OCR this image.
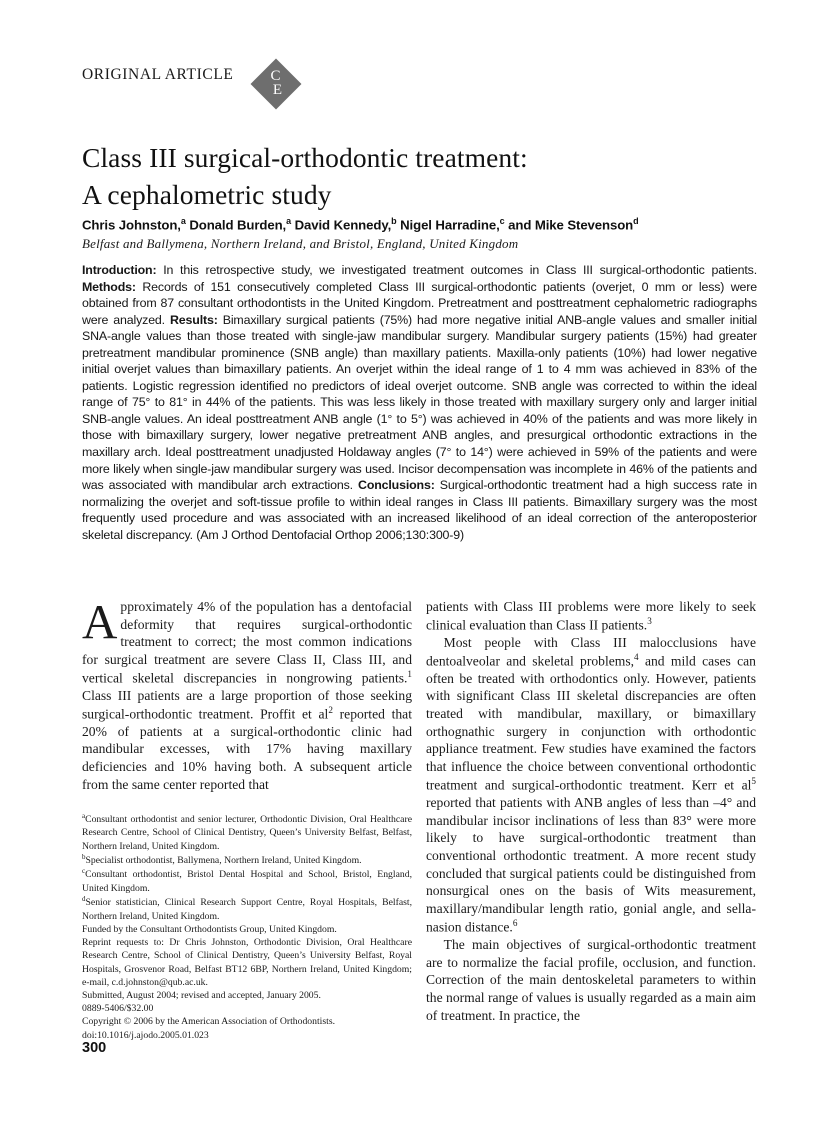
ORIGINAL ARTICLE C
E
Class III surgical-orthodontic treatment:
A cephalometric study
Chris Johnston,$^a$ Donald Burden,$^a$ David Kennedy,$^b$ Nigel Harradine,$^c$ and Mike Stevenson$^d$
Belfast and Ballymena, Northern Ireland, and Bristol, England, United Kingdom
Introduction: In this retrospective study, we investigated treatment outcomes in Class III surgical-orthodontic patients. Methods: Records of 151 consecutively completed Class III surgical-orthodontic patients (overjet, 0 mm or less) were obtained from 87 consultant orthodontists in the United Kingdom. Pretreatment and posttreatment cephalometric radiographs were analyzed. Results: Bimaxillary surgical patients (75%) had more negative initial ANB-angle values and smaller initial SNA-angle values than those treated with single-jaw mandibular surgery. Mandibular surgery patients (15%) had greater pretreatment mandibular prominence (SNB angle) than maxillary patients. Maxilla-only patients (10%) had lower negative initial overjet values than bimaxillary patients. An overjet within the ideal range of 1 to 4 mm was achieved in 83% of the patients. Logistic regression identified no predictors of ideal overjet outcome. SNB angle was corrected to within the ideal range of 75° to 81° in 44% of the patients. This was less likely in those treated with maxillary surgery only and larger initial SNB-angle values. An ideal posttreatment ANB angle (1° to 5°) was achieved in 40% of the patients and was more likely in those with bimaxillary surgery, lower negative pretreatment ANB angles, and presurgical orthodontic extractions in the maxillary arch. Ideal posttreatment unadjusted Holdaway angles (7° to 14°) were achieved in 59% of the patients and were more likely when single-jaw mandibular surgery was used. Incisor decompensation was incomplete in 46% of the patients and was associated with mandibular arch extractions. Conclusions: Surgical-orthodontic treatment had a high success rate in normalizing the overjet and soft-tissue profile to within ideal ranges in Class III patients. Bimaxillary surgery was the most frequently used procedure and was associated with an increased likelihood of an ideal correction of the anteroposterior skeletal discrepancy. (Am J Orthod Dentofacial Orthop 2006;130:300-9)

Approximately 4% of the population has a dentofacial deformity that requires surgical-orthodontic treatment to correct; the most common indications for surgical treatment are severe Class II, Class III, and vertical skeletal discrepancies in nongrowing patients.$^1$ Class III patients are a large proportion of those seeking surgical-orthodontic treatment. Proffit et $al^2$ reported that 20% of patients at a surgical-orthodontic clinic had mandibular excesses, with 17% having maxillary deficiencies and 10% having both. A subsequent article from the same center reported that

patients with Class III problems were more likely to seek clinical evaluation than Class II patients.$^3$

Most people with Class III malocclusions have dentoalveolar and skeletal problems,$^4$ and mild cases can often be treated with orthodontics only. However, patients with significant Class III skeletal discrepancies are often treated with mandibular, maxillary, or bimaxillary orthognathic surgery in conjunction with orthodontic appliance treatment. Few studies have examined the factors that influence the choice between conventional orthodontic treatment and surgical-orthodontic treatment. Kerr et $al^5$ reported that patients with ANB angles of less than –4° and mandibular incisor inclinations of less than 83° were more likely to have surgical-orthodontic treatment than conventional orthodontic treatment. A more recent study concluded that surgical patients could be distinguished from nonsurgical ones on the basis of Wits measurement, maxillary/mandibular length ratio, gonial angle, and sella-nasion distance.$^6$

The main objectives of surgical-orthodontic treatment are to normalize the facial profile, occlusion, and function. Correction of the main dentoskeletal parameters to within the normal range of values is usually regarded as a main aim of treatment. In practice, the

$^a$Consultant orthodontist and senior lecturer, Orthodontic Division, Oral Healthcare Research Centre, School of Clinical Dentistry, Queen’s University Belfast, Belfast, Northern Ireland, United Kingdom.
$^b$Specialist orthodontist, Ballymena, Northern Ireland, United Kingdom.
$^c$Consultant orthodontist, Bristol Dental Hospital and School, Bristol, England, United Kingdom.
$^d$Senior statistician, Clinical Research Support Centre, Royal Hospitals, Belfast, Northern Ireland, United Kingdom.
Funded by the Consultant Orthodontists Group, United Kingdom.
Reprint requests to: Dr Chris Johnston, Orthodontic Division, Oral Healthcare Research Centre, School of Clinical Dentistry, Queen’s University Belfast, Royal Hospitals, Grosvenor Road, Belfast BT12 6BP, Northern Ireland, United Kingdom; e-mail, c.d.johnston@qub.ac.uk.
Submitted, August 2004; revised and accepted, January 2005.
0889-5406/$32.00
Copyright © 2006 by the American Association of Orthodontists.
doi:10.1016/j.ajodo.2005.01.023
300
